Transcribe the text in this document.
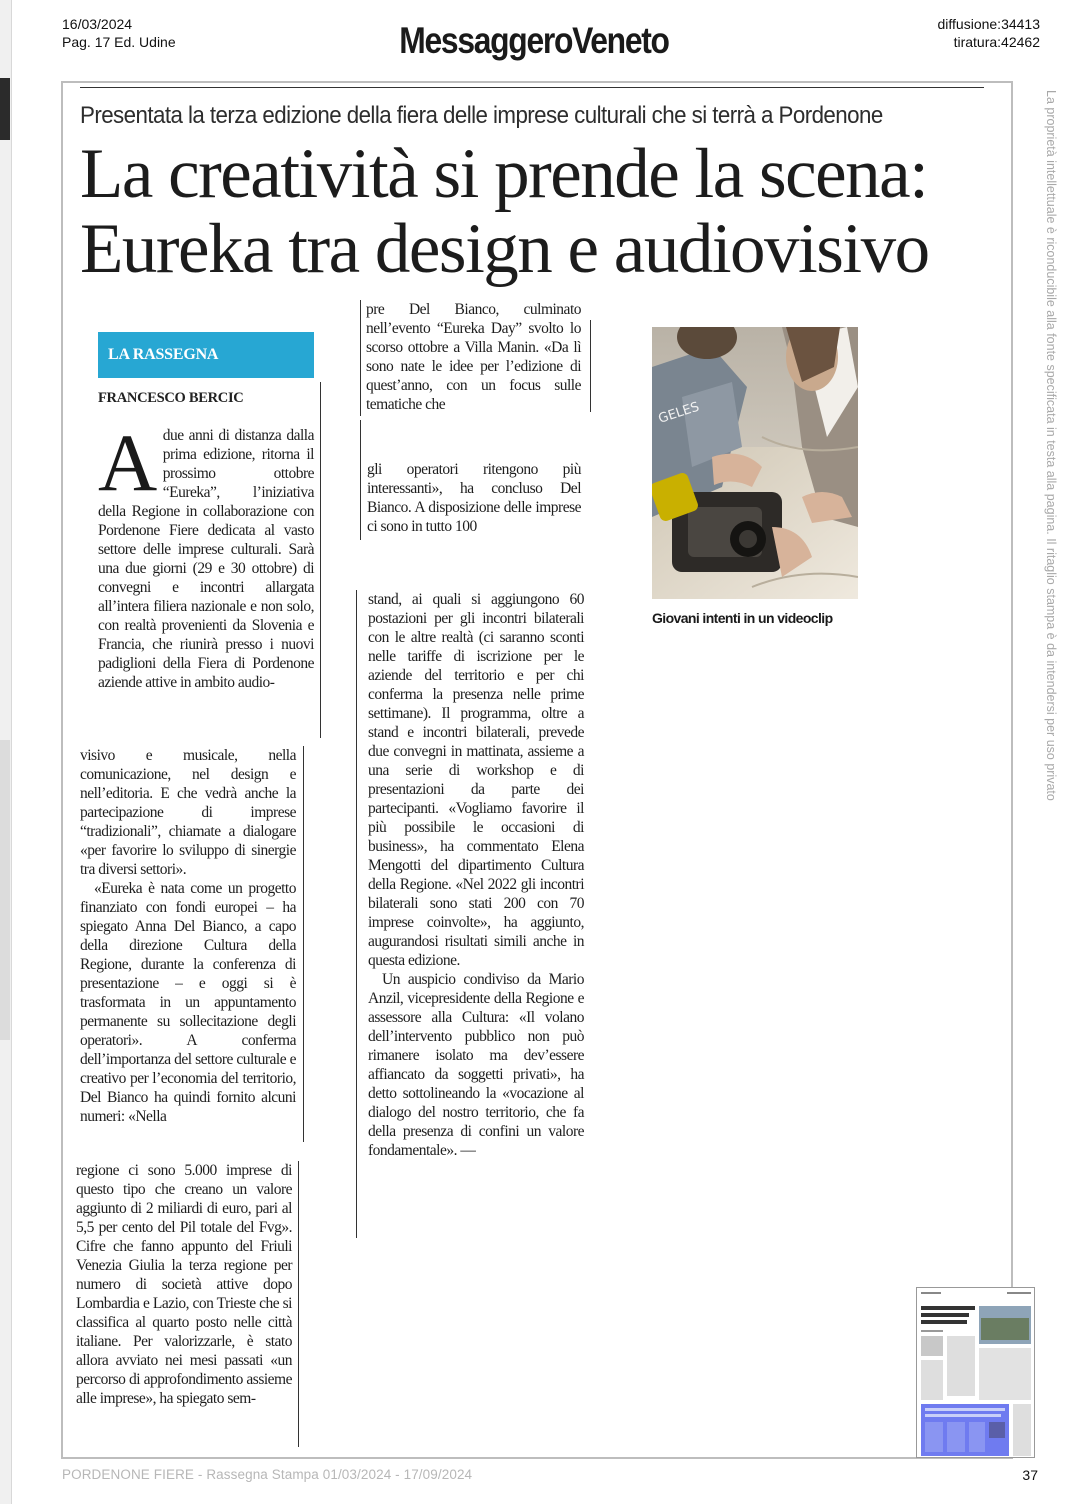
16/03/2024
Pag. 17 Ed. Udine	MessaggeroVeneto	diffusione:34413
tiratura:42462
Presentata la terza edizione della fiera delle imprese culturali che si terrà a Pordenone
La creatività si prende la scena:
Eureka tra design e audiovisivo
LA RASSEGNA
FRANCESCO BERCIC

Adue anni di distanza dalla prima edizione, ritorna il prossimo ottobre “Eureka”, l’iniziativa della Regione in collaborazione con Pordenone Fiere dedicata al vasto settore delle imprese culturali. Sarà una due giorni (29 e 30 ottobre) di convegni e incontri allargata all’intera filiera nazionale e non solo, con realtà provenienti da Slovenia e Francia, che riunirà presso i nuovi padiglioni della Fiera di Pordenone aziende attive in ambito audio-

visivo e musicale, nella comunicazione, nel design e nell’editoria. E che vedrà anche la partecipazione di imprese “tradizionali”, chiamate a dialogare «per favorire lo sviluppo di sinergie tra diversi settori».

«Eureka è nata come un progetto finanziato con fondi europei – ha spiegato Anna Del Bianco, a capo della direzione Cultura della Regione, durante la conferenza di presentazione – e oggi si è trasformata in un appuntamento permanente su sollecitazione degli operatori». A conferma dell’importanza del settore culturale e creativo per l’economia del territorio, Del Bianco ha quindi fornito alcuni numeri: «Nella

regione ci sono 5.000 imprese di questo tipo che creano un valore aggiunto di 2 miliardi di euro, pari al 5,5 per cento del Pil totale del Fvg». Cifre che fanno appunto del Friuli Venezia Giulia la terza regione per numero di società attive dopo Lombardia e Lazio, con Trieste che si classifica al quarto posto nelle città italiane. Per valorizzarle, è stato allora avviato nei mesi passati «un percorso di approfondimento assieme alle imprese», ha spiegato sem-

pre Del Bianco, culminato nell’evento “Eureka Day” svolto lo scorso ottobre a Villa Manin. «Da lì sono nate le idee per l’edizione di quest’anno, con un focus sulle tematiche che

gli operatori ritengono più interessanti», ha concluso Del Bianco. A disposizione delle imprese ci sono in tutto 100

stand, ai quali si aggiungono 60 postazioni per gli incontri bilaterali con le altre realtà (ci saranno sconti nelle tariffe di iscrizione per le aziende del territorio e per chi conferma la presenza nelle prime settimane). Il programma, oltre a stand e incontri bilaterali, prevede due convegni in mattinata, assieme a una serie di workshop e di presentazioni da parte dei partecipanti. «Vogliamo favorire il più possibile le occasioni di business», ha commentato Elena Mengotti del dipartimento Cultura della Regione. «Nel 2022 gli incontri bilaterali sono stati 200 con 70 imprese coinvolte», ha aggiunto, augurandosi risultati simili anche in questa edizione.

Un auspicio condiviso da Mario Anzil, vicepresidente della Regione e assessore alla Cultura: «Il volano dell’intervento pubblico non può rimanere isolato ma dev’essere affiancato da soggetti privati», ha detto sottolineando la «vocazione al dialogo del nostro territorio, che fa della presenza di confini un valore fondamentale». —

GELES
Giovani intenti in un videoclip	La proprietà intellettuale è riconducibile alla fonte specificata in testa alla pagina. Il ritaglio stampa è da intendersi per uso privato
PORDENONE FIERE - Rassegna Stampa 01/03/2024 - 17/09/2024	37
